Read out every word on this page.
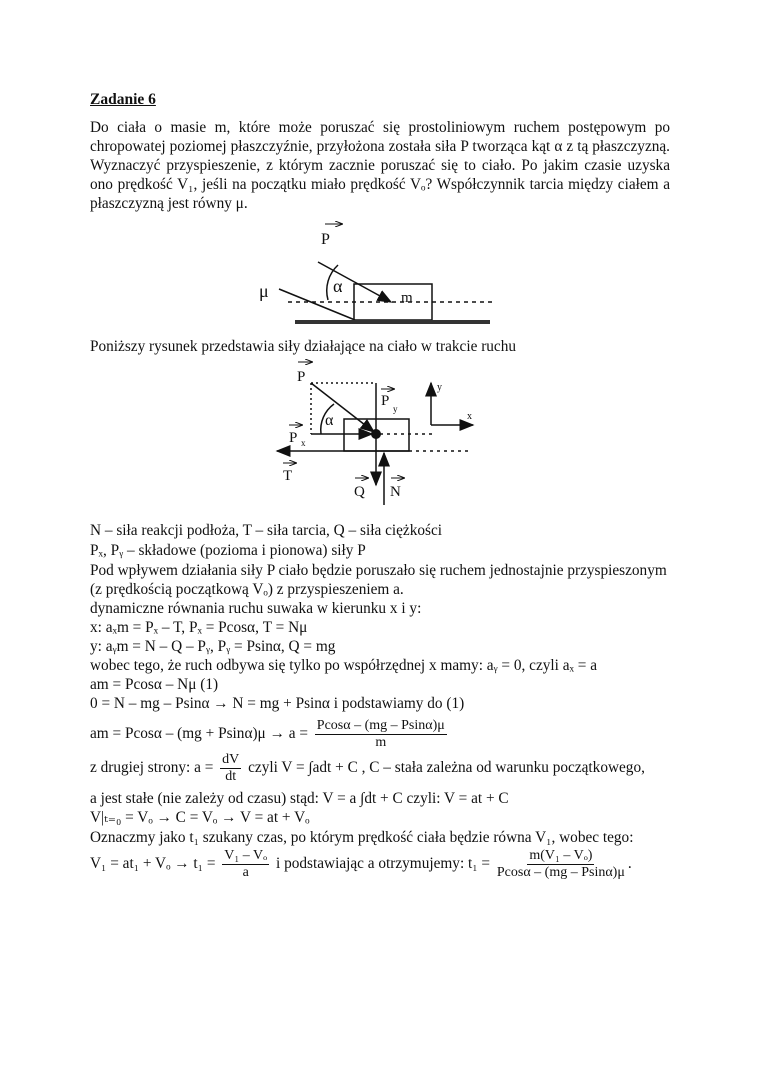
Zadanie 6
Do ciała o masie m, które może poruszać się prostoliniowym ruchem postępowym po chropowatej poziomej płaszczyźnie, przyłożona została siła P tworząca kąt α z tą płaszczyzną. Wyznaczyć przyspieszenie, z którym zacznie poruszać się to ciało. Po jakim czasie uzyska ono prędkość V₁, jeśli na początku miało prędkość Vₒ? Współczynnik tarcia między ciałem a płaszczyzną jest równy μ.
P
α
μ	m
P
α
P y
P x
T
Q N
y
x
Poniższy rysunek przedstawia siły działające na ciało w trakcie ruchu
N – siła reakcji podłoża, T – siła tarcia, Q – siła ciężkości
Pₓ, Pᵧ – składowe (pozioma i pionowa) siły P
Pod wpływem działania siły P ciało będzie poruszało się ruchem jednostajnie przyspieszonym
(z prędkością początkową Vₒ) z przyspieszeniem a.
dynamiczne równania ruchu suwaka w kierunku x i y:
x: aₓm = Pₓ – T, Pₓ = Pcosα, T = Nμ
y: aᵧm = N – Q – Pᵧ, Pᵧ = Psinα, Q = mg
wobec tego, że ruch odbywa się tylko po współrzędnej x mamy: aᵧ = 0, czyli aₓ = a
am = Pcosα – Nμ (1)
0 = N – mg – Psinα → N = mg + Psinα i podstawiamy do (1)
am = $Pcos\alpha - (mg + Psin\alpha)\mu \to a = \frac{Pcos\alpha - (mg - Psin\alpha)\mu}{m}$
z drugiej strony: $a = \frac{dV}{dt}$ czyli V = ∫adt + C , C – stała zależna od warunku początkowego,
a jest stałe (nie zależy od czasu) stąd: V = a ∫dt + C czyli: V = at + C
V|ₜ₌₀ = Vₒ → C = Vₒ → V = at + Vₒ
Oznaczmy jako t₁ szukany czas, po którym prędkość ciała będzie równa V₁, wobec tego:
$V_1 = at_1 + V_o \to t_1 = \frac{\text{V₁ – Vₒ}}{a}$ i podstawiając a otrzymujemy: $t_1 = \frac{\text{m(V₁ – Vₒ)}}{Pcos\alpha - (mg - Psin\alpha)\mu}$ .
